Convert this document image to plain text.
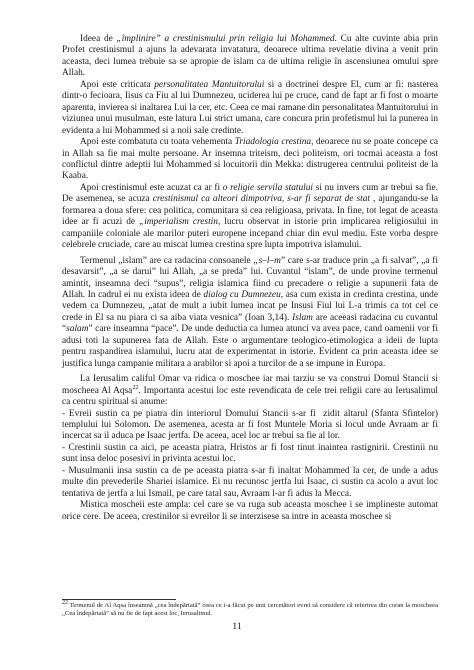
Ideea de „împlinire” a crestinismului prin religia lui Mohammed. Cu alte cuvinte abia prin Profet crestinismul a ajuns la adevarata invatatura, deoarece ultima revelatie divina a venit prin aceasta, deci lumea trebuie sa se apropie de islam ca de ultima religie în ascensiunea omului spre Allah.

Apoi este criticata personalitatea Mantuitorului si a doctrinei despre El, cum ar fi: nasterea dintr-o fecioara, Iisus ca Fiu al lui Dumnezeu, uciderea lui pe cruce, cand de fapt ar fi fost o moarte aparenta, invierea si inaltarea Lui la cer, etc. Ceea ce mai ramane din personalitatea Mantuitorului in viziunea unui musulman, este latura Lui strict umana, care concura prin profetismul lui la punerea in evidenta a lui Mohammed si a noii sale credinte.

Apoi este combatuta cu toata vehementa Triadologia crestina, deoarece nu se poate concepe ca in Allah sa fie mai multe persoane. Ar insemna triteism, deci politeism, ori tocmai aceasta a fost conflictul dintre adeptii lui Mohammed si locuitorii din Mekka: distrugerea centrului politeist de la Kaaba.

Apoi crestinismul este acuzat ca ar fi o religie servila statului si nu invers cum ar trebui sa fie. De asemenea, se acuza crestinismul ca alteori dimpotriva, s-ar fi separat de stat , ajungandu-se la formarea a doua sfere: cea politica, comunitara si cea religioasa, privata. In fine, tot legat de aceasta idee ar fi acuzi de „imperialism crestin, lucru observat in istorie prin implicarea religiosului in campaniile coloniale ale marilor puteri europene incepand chiar din evul mediu. Este vorba despre celebrele cruciade, care au miscat lumea crestina spre lupta impotriva islamului.

Termenul „islam” are ca radacina consoanele „s–l–m” care s-ar traduce prin „a fi salvat”, „a fi desavarsit”, „a se darui” lui Allah, „a se preda” lui. Cuvantul “islam”, de unde provine termenul amintit, inseamna deci “supus”, religia islamica fiind cu precadere o religie a supunerii fata de Allah. In cadrul ei nu exista ideea de dialog cu Dumnezeu, asa cum exista in credinta crestina, unde vedem ca Dumnezeu, „atat de mult a iubit lumea incat pe Insusi Fiul lui L-a trimis ca tot cel ce crede in El sa nu piara ci sa aiba viata vesnica” (Ioan 3,14). Islam are aceeasi radacina cu cuvantul “salam” care inseamna “pace”. De unde deductia ca lumea atunci va avea pace, cand oamenii vor fi adusi toti la supunerea fata de Allah. Este o argumentare teologico-etimologica a ideii de lupta pentru raspandirea islamului, lucru atat de experimentat in istorie. Evident ca prin aceasta idee se justifica lunga campanie militara a arabilor si apoi a turcilor de a se impune in Europa.

La Ierusalim califul Omar va ridica o moschee iar mai tarziu se va construi Domul Stancii si moscheea Al Aqsa$^{22}$. Importanta acestui loc este revendicata de cele trei religii care au Ierusalimul ca centru spiritual si anume:

- Evreii sustin ca pe piatra din interiorul Domului Stancii s-ar fi  zidit altarul (Sfanta Sfintelor) templului lui Solomon. De asemenea, acesta ar fi fost Muntele Moria si locul unde Avraam ar fi incercat sa il aduca pe Isaac jertfa. De aceea, acel loc ar trebui sa fie al lor.

- Crestinii sustin ca aici, pe aceasta piatra, Hristos ar fi fost tinut inaintea rastignirii. Crestinii nu sunt insa deloc posesivi in privinta acestui loc.

- Musulmanii insa sustin ca de pe aceasta piatra s-ar fi inaltat Mohammed la cer, de unde a adus multe din prevederile Shariei islamice. Ei nu recunosc jertfa lui Isaac, ci sustin ca acolo a avut loc tentativa de jertfa a lui Ismail, pe care tatal sau, Avraam l-ar fi adus la Mecca.

Mistica moscheii este ampla: cel care se va ruga sub aceasta moschee i se implineste automat orice cere. De aceea, crestinilor si evreilor li se interzisese sa intre in aceasta moschee si

$^{22}$ Termenul de Al Aqsa înseamnă „cea îndepărtată” ceea ce i-a făcut pe unii cercetători evrei să considere că referirea din coran la moscheea „Cea îndepărtată” să nu fie de fapt acest loc, Ierusalimul.
11
